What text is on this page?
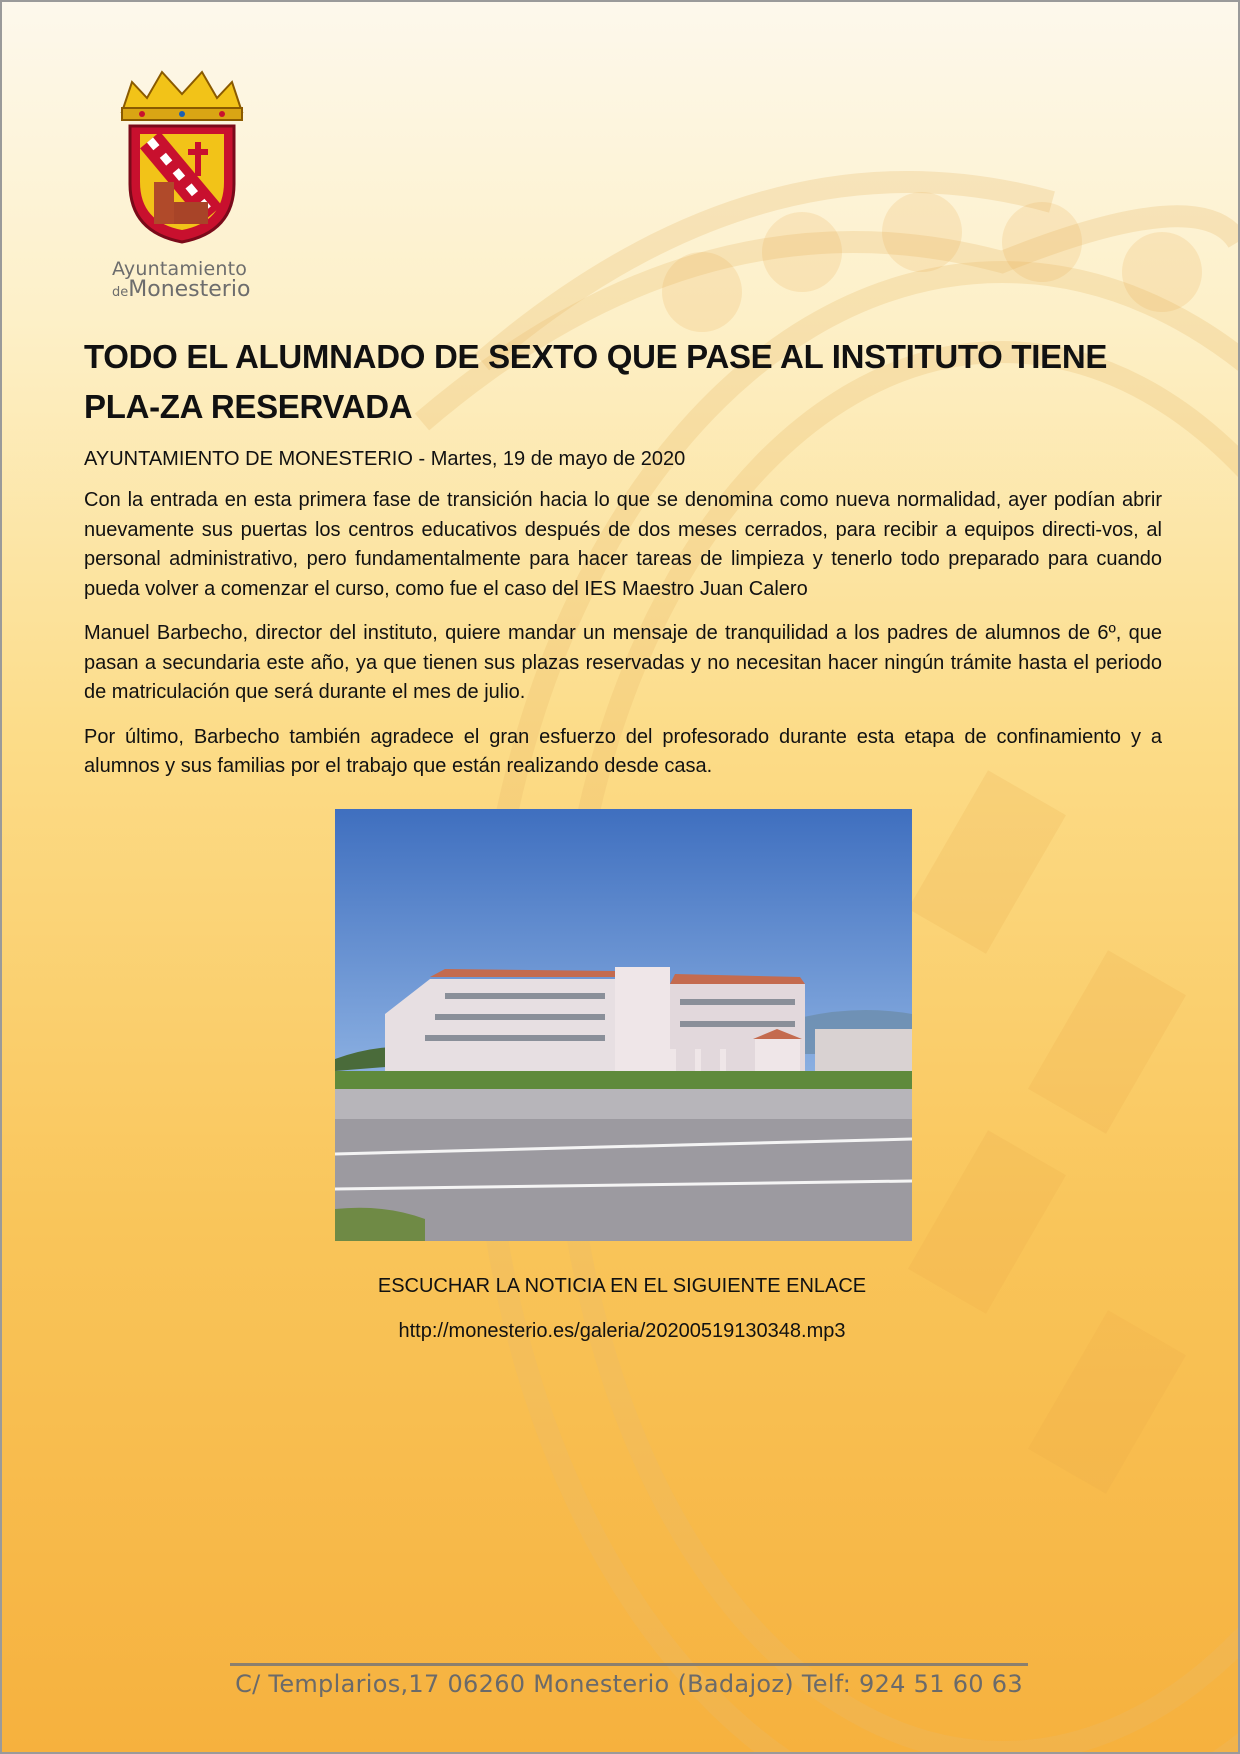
Ayuntamiento
deMonesterio
TODO EL ALUMNADO DE SEXTO QUE PASE AL INSTITUTO TIENE PLA-ZA RESERVADA

AYUNTAMIENTO DE MONESTERIO - Martes, 19 de mayo de 2020

Con la entrada en esta primera fase de transición hacia lo que se denomina como nueva normalidad, ayer podían abrir nuevamente sus puertas los centros educativos después de dos meses cerrados, para recibir a equipos directi-vos, al personal administrativo, pero fundamentalmente para hacer tareas de limpieza y tenerlo todo preparado para cuando pueda volver a comenzar el curso, como fue el caso del IES Maestro Juan Calero

Manuel Barbecho, director del instituto, quiere mandar un mensaje de tranquilidad a los padres de alumnos de 6º, que pasan a secundaria este año, ya que tienen sus plazas reservadas y no necesitan hacer ningún trámite hasta el periodo de matriculación que será durante el mes de julio.

Por último, Barbecho también agradece el gran esfuerzo del profesorado durante esta etapa de confinamiento y a alumnos y sus familias por el trabajo que están realizando desde casa.

ESCUCHAR LA NOTICIA EN EL SIGUIENTE ENLACE
http://monesterio.es/galeria/20200519130348.mp3
C/ Templarios,17 06260 Monesterio (Badajoz) Telf: 924 51 60 63
